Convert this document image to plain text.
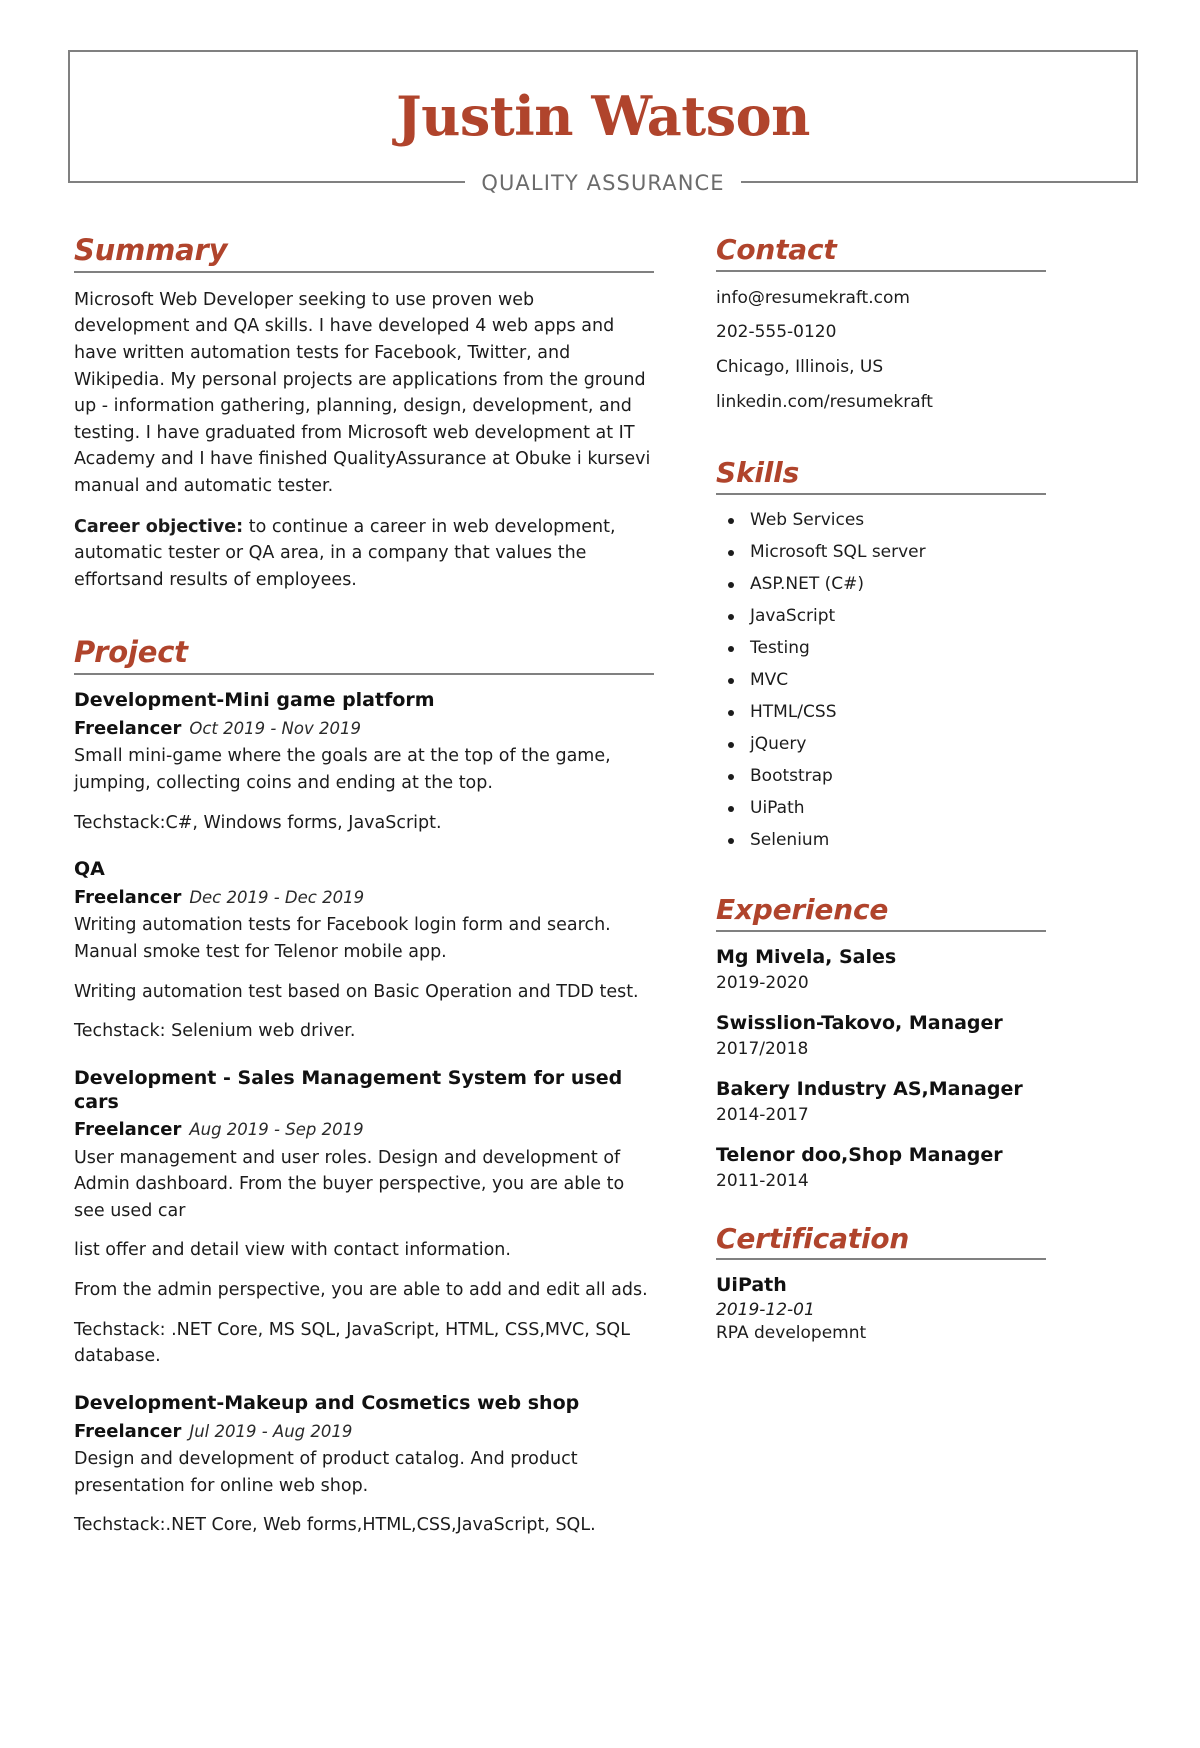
Justin Watson
QUALITY ASSURANCE
Summary

Microsoft Web Developer seeking to use proven web development and QA skills. I have developed 4 web apps and have written automation tests for Facebook, Twitter, and Wikipedia. My personal projects are applications from the ground up - information gathering, planning, design, development, and testing. I have graduated from Microsoft web development at IT Academy and I have finished QualityAssurance at Obuke i kursevi manual and automatic tester.

Career objective: to continue a career in web development, automatic tester or QA area, in a company that values the effortsand results of employees.

Project
Development-Mini game platform
Freelancer Oct 2019 - Nov 2019

Small mini-game where the goals are at the top of the game, jumping, collecting coins and ending at the top.

Techstack:C#, Windows forms, JavaScript.

QA
Freelancer Dec 2019 - Dec 2019

Writing automation tests for Facebook login form and search. Manual smoke test for Telenor mobile app.

Writing automation test based on Basic Operation and TDD test.

Techstack: Selenium web driver.

Development - Sales Management System for used cars
Freelancer Aug 2019 - Sep 2019

User management and user roles. Design and development of Admin dashboard. From the buyer perspective, you are able to see used car

list offer and detail view with contact information.

From the admin perspective, you are able to add and edit all ads.

Techstack: .NET Core, MS SQL, JavaScript, HTML, CSS,MVC, SQL database.

Development-Makeup and Cosmetics web shop
Freelancer Jul 2019 - Aug 2019

Design and development of product catalog. And product presentation for online web shop.

Techstack:.NET Core, Web forms,HTML,CSS,JavaScript, SQL.

Contact
info@resumekraft.com
202-555-0120
Chicago, Illinois, US
linkedin.com/resumekraft
Skills
Web Services
Microsoft SQL server
ASP.NET (C#)
JavaScript
Testing
MVC
HTML/CSS
jQuery
Bootstrap
UiPath
Selenium
Experience
Mg Mivela, Sales
2019-2020
Swisslion-Takovo, Manager
2017/2018
Bakery Industry AS,Manager
2014-2017
Telenor doo,Shop Manager
2011-2014
Certification
UiPath
2019-12-01
RPA developemnt
